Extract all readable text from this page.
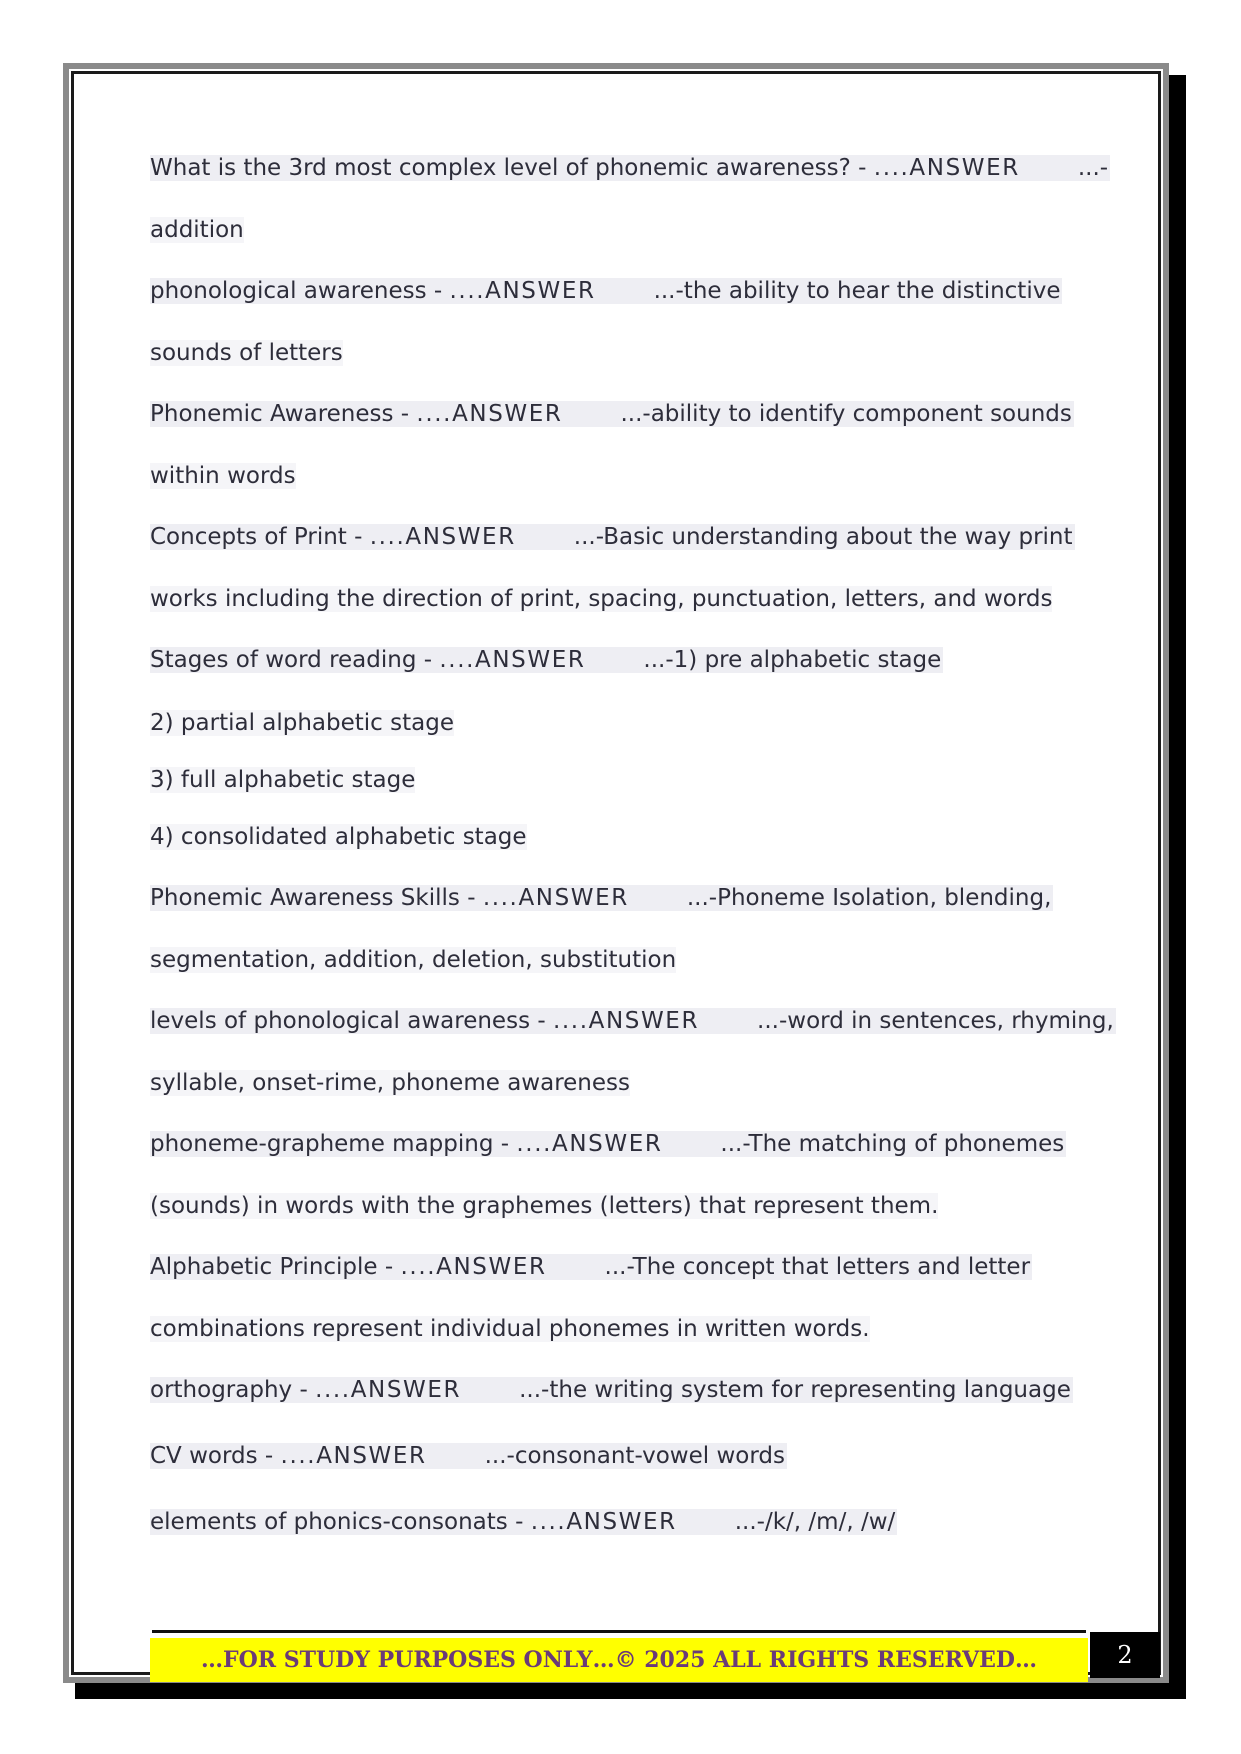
What is the 3rd most complex level of phonemic awareness? - ....ANSWER	...-
addition
phonological awareness - ....ANSWER	...-the ability to hear the distinctive
sounds of letters
Phonemic Awareness - ....ANSWER	...-ability to identify component sounds
within words
Concepts of Print - ....ANSWER	...-Basic understanding about the way print
works including the direction of print, spacing, punctuation, letters, and words
Stages of word reading - ....ANSWER	...-1) pre alphabetic stage
2) partial alphabetic stage
3) full alphabetic stage
4) consolidated alphabetic stage
Phonemic Awareness Skills - ....ANSWER	...-Phoneme Isolation, blending,
segmentation, addition, deletion, substitution
levels of phonological awareness - ....ANSWER	...-word in sentences, rhyming,
syllable, onset-rime, phoneme awareness
phoneme-grapheme mapping - ....ANSWER	...-The matching of phonemes
(sounds) in words with the graphemes (letters) that represent them.
Alphabetic Principle - ....ANSWER	...-The concept that letters and letter
combinations represent individual phonemes in written words.
orthography - ....ANSWER	...-the writing system for representing language
CV words - ....ANSWER	...-consonant-vowel words
elements of phonics-consonats - ....ANSWER	...-/k/, /m/, /w/
…FOR STUDY PURPOSES ONLY…© 2025 ALL RIGHTS RESERVED…	2
